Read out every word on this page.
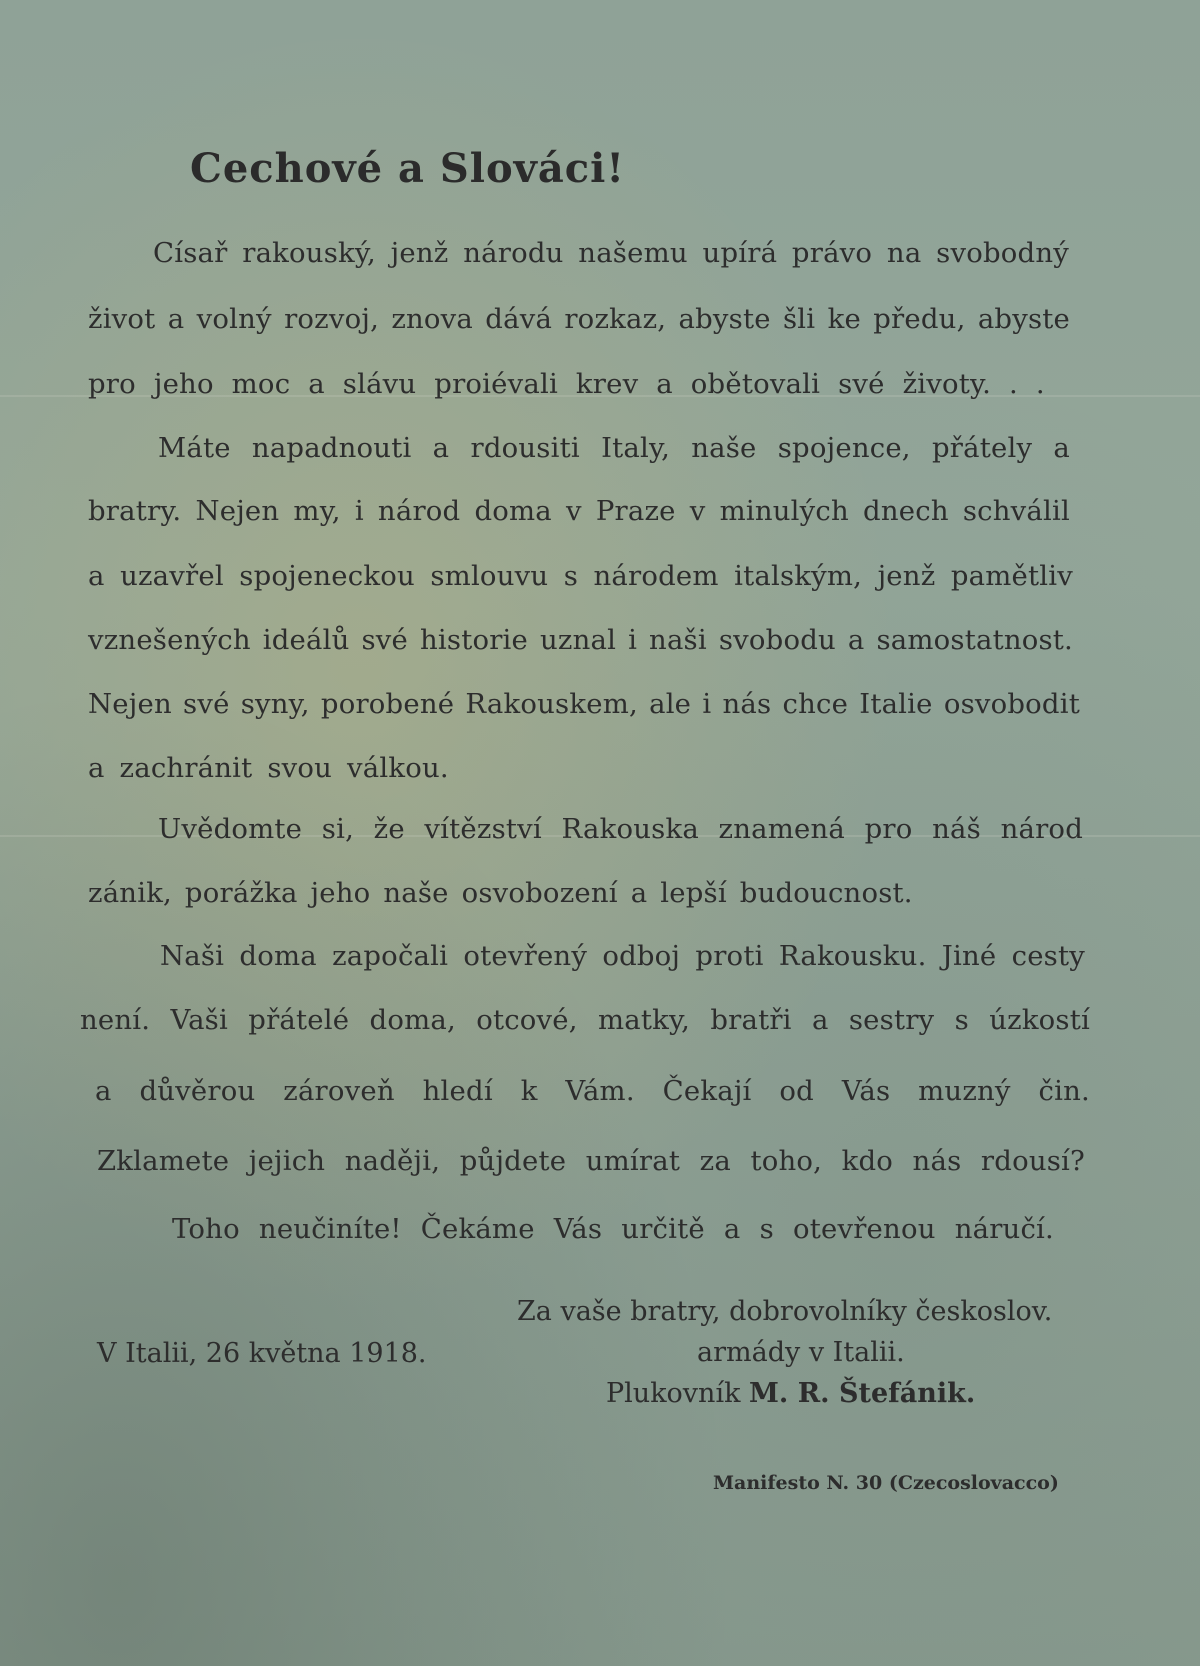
Cechové a Slováci!
Císař rakouský, jenž národu našemu upírá právo na svobodný
život a volný rozvoj, znova dává rozkaz, abyste šli ke předu, abyste
pro jeho moc a slávu proiévali krev a obětovali své životy. . .
Máte napadnouti a rdousiti Italy, naše spojence, přátely a
bratry. Nejen my, i národ doma v Praze v minulých dnech schválil
a uzavřel spojeneckou smlouvu s národem italským, jenž pamětliv
vznešených ideálů své historie uznal i naši svobodu a samostatnost.
Nejen své syny, porobené Rakouskem, ale i nás chce Italie osvobodit
a zachránit svou válkou.
Uvědomte si, že vítězství Rakouska znamená pro náš národ
zánik, porážka jeho naše osvobození a lepší budoucnost.
Naši doma započali otevřený odboj proti Rakousku. Jiné cesty
není. Vaši přátelé doma, otcové, matky, bratři a sestry s úzkostí
a důvěrou zároveň hledí k Vám. Čekají od Vás muzný čin.
Zklamete jejich naději, půjdete umírat za toho, kdo nás rdousí?
Toho neučiníte! Čekáme Vás určitě a s otevřenou náručí.
V Italii, 26 května 1918.
Za vaše bratry, dobrovolníky českoslov.
armády v Italii.
Plukovník M. R. Štefánik.
Manifesto N. 30 (Czecoslovacco)
